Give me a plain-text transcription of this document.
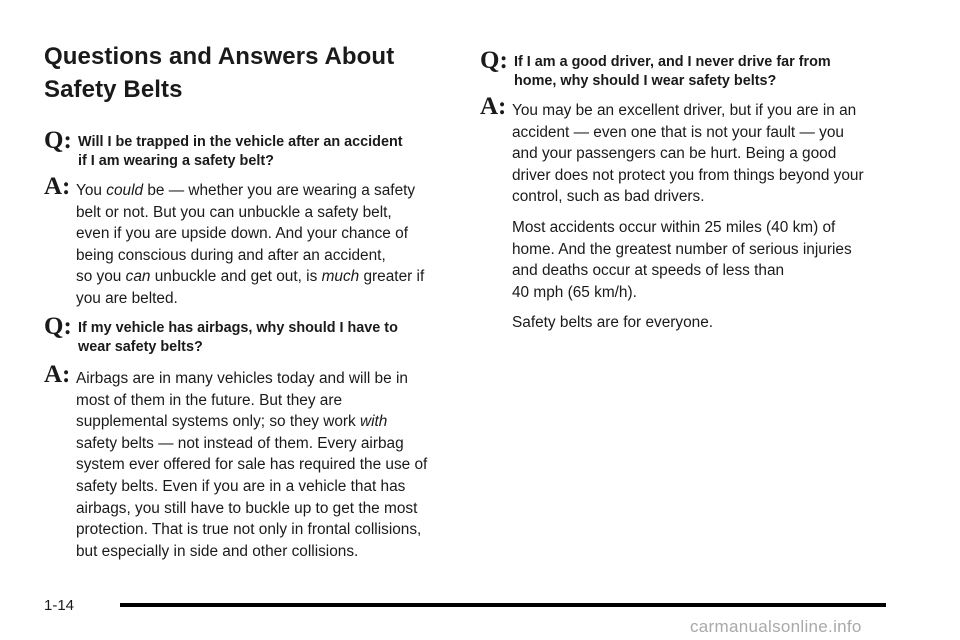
Questions and Answers About
Safety Belts
Q: Will I be trapped in the vehicle after an accident
if I am wearing a safety belt?
A: You could be — whether you are wearing a safety
belt or not. But you can unbuckle a safety belt,
even if you are upside down. And your chance of
being conscious during and after an accident,
so you can unbuckle and get out, is much greater if
you are belted.
Q: If my vehicle has airbags, why should I have to
wear safety belts?
A: Airbags are in many vehicles today and will be in
most of them in the future. But they are
supplemental systems only; so they work with
safety belts — not instead of them. Every airbag
system ever offered for sale has required the use of
safety belts. Even if you are in a vehicle that has
airbags, you still have to buckle up to get the most
protection. That is true not only in frontal collisions,
but especially in side and other collisions.
Q: If I am a good driver, and I never drive far from
home, why should I wear safety belts?
A: You may be an excellent driver, but if you are in an
accident — even one that is not your fault — you
and your passengers can be hurt. Being a good
driver does not protect you from things beyond your
control, such as bad drivers.
Most accidents occur within 25 miles (40 km) of
home. And the greatest number of serious injuries
and deaths occur at speeds of less than
40 mph (65 km/h).
Safety belts are for everyone.
1-14
carmanualsonline.info
